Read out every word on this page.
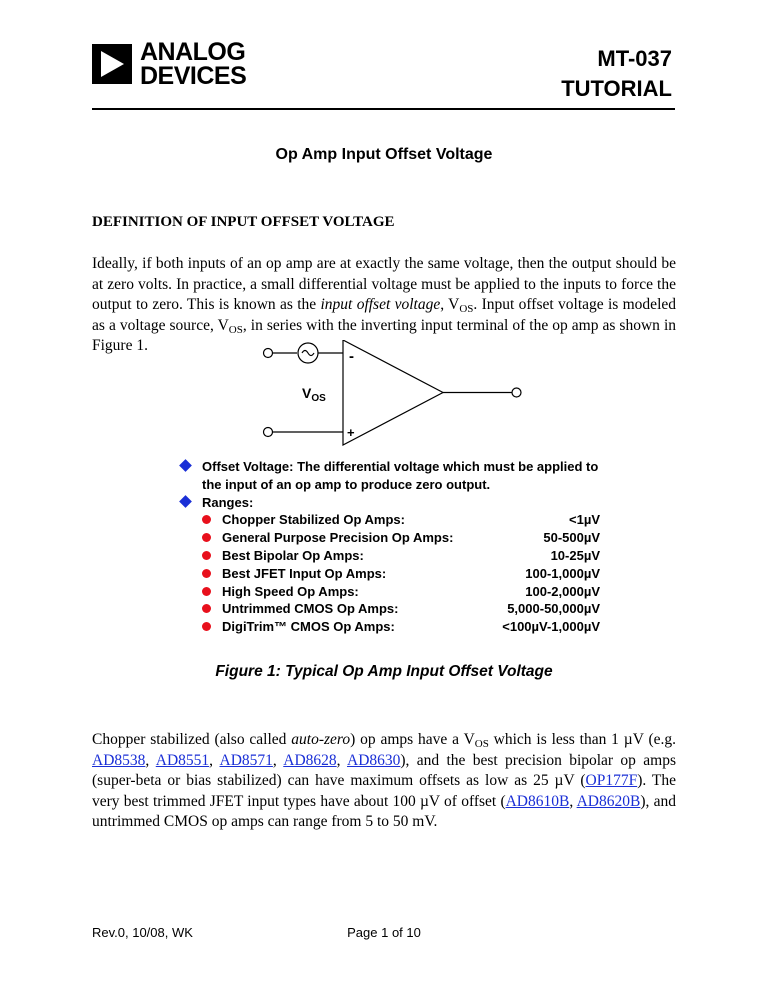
ANALOG
DEVICES
MT-037
TUTORIAL
Op Amp Input Offset Voltage
DEFINITION OF INPUT OFFSET VOLTAGE
Ideally, if both inputs of an op amp are at exactly the same voltage, then the output should be at zero volts. In practice, a small differential voltage must be applied to the inputs to force the output to zero. This is known as the input offset voltage, $V_{OS}$. Input offset voltage is modeled as a voltage source, $V_{OS}$, in series with the inverting input terminal of the op amp as shown in Figure 1.
-
+
$V_{OS}$
Offset Voltage: The differential voltage which must be applied to the input of an op amp to produce zero output.
Ranges:
Chopper Stabilized Op Amps:	<1µV
General Purpose Precision Op Amps:	50-500µV
Best Bipolar Op Amps:	10-25µV
Best JFET Input Op Amps:	100-1,000µV
High Speed Op Amps:	100-2,000µV
Untrimmed CMOS Op Amps:	5,000-50,000µV
DigiTrim™ CMOS Op Amps:	<100µV-1,000µV
Figure 1: Typical Op Amp Input Offset Voltage
Chopper stabilized (also called auto-zero) op amps have a $V_{OS}$ which is less than 1 µV (e.g. AD8538, AD8551, AD8571, AD8628, AD8630), and the best precision bipolar op amps (super-beta or bias stabilized) can have maximum offsets as low as 25 µV (OP177F). The very best trimmed JFET input types have about 100 µV of offset (AD8610B, AD8620B), and untrimmed CMOS op amps can range from 5 to 50 mV.
Rev.0, 10/08, WK	Page 1 of 10
